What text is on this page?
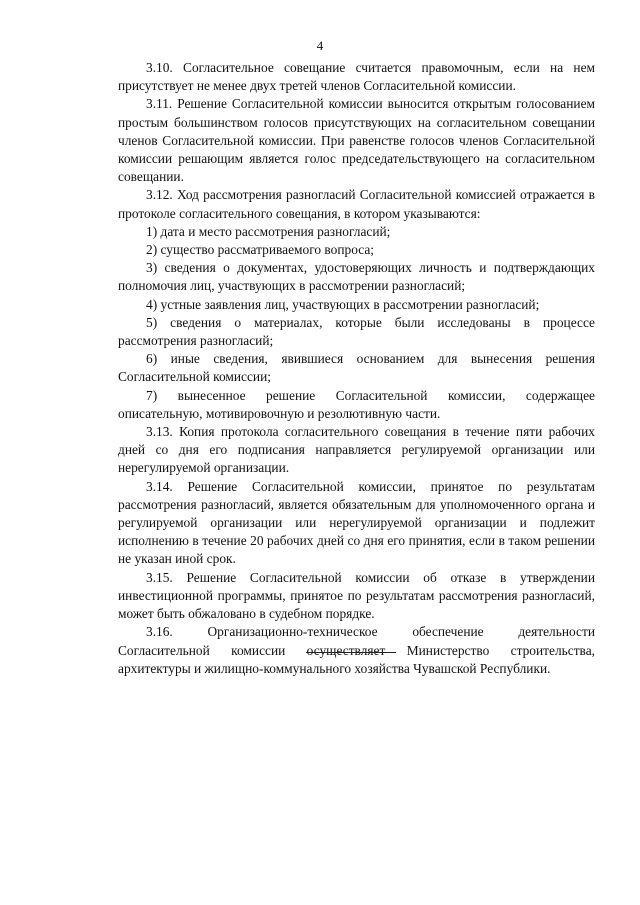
4

3.10. Согласительное совещание считается правомочным, если на нем присутствует не менее двух третей членов Согласительной комиссии.

3.11. Решение Согласительной комиссии выносится открытым голосованием простым большинством голосов присутствующих на согласительном совещании членов Согласительной комиссии. При равенстве голосов членов Согласительной комиссии решающим является голос председательствующего на согласительном совещании.

3.12. Ход рассмотрения разногласий Согласительной комиссией отражается в протоколе согласительного совещания, в котором указываются:

1) дата и место рассмотрения разногласий;

2) существо рассматриваемого вопроса;

3) сведения о документах, удостоверяющих личность и подтверждающих полномочия лиц, участвующих в рассмотрении разногласий;

4) устные заявления лиц, участвующих в рассмотрении разногласий;

5) сведения о материалах, которые были исследованы в процессе рассмотрения разногласий;

6) иные сведения, явившиеся основанием для вынесения решения Согласительной комиссии;

7) вынесенное решение Согласительной комиссии, содержащее описательную, мотивировочную и резолютивную части.

3.13. Копия протокола согласительного совещания в течение пяти рабочих дней со дня его подписания направляется регулируемой организации или нерегулируемой организации.

3.14. Решение Согласительной комиссии, принятое по результатам рассмотрения разногласий, является обязательным для уполномоченного органа и регулируемой организации или нерегулируемой организации и подлежит исполнению в течение 20 рабочих дней со дня его принятия, если в таком решении не указан иной срок.

3.15. Решение Согласительной комиссии об отказе в утверждении инвестиционной программы, принятое по результатам рассмотрения разногласий, может быть обжаловано в судебном порядке.

3.16. Организационно-техническое обеспечение деятельности Согласительной комиссии осуществляет Министерство строительства, архитектуры и жилищно-коммунального хозяйства Чувашской Республики.
